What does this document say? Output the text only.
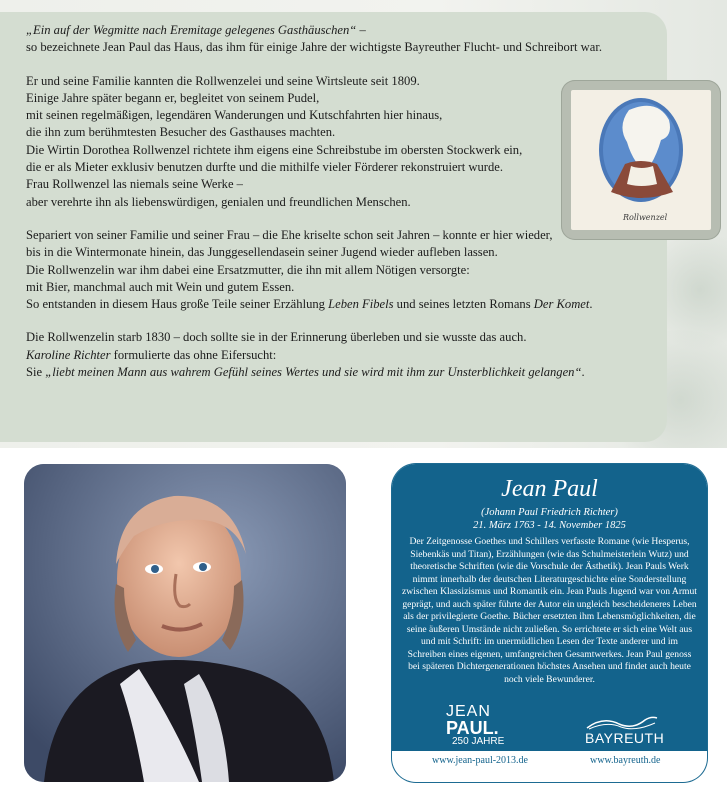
„Ein auf der Wegmitte nach Eremitage gelegenes Gasthäuschen“ –
so bezeichnete Jean Paul das Haus, das ihm für einige Jahre der wichtigste Bayreuther Flucht- und Schreibort war.
Er und seine Familie kannten die Rollwenzelei und seine Wirtsleute seit 1809.
Einige Jahre später begann er, begleitet von seinem Pudel,
mit seinen regelmäßigen, legendären Wanderungen und Kutschfahrten hier hinaus,
die ihn zum berühmtesten Besucher des Gasthauses machten.
Die Wirtin Dorothea Rollwenzel richtete ihm eigens eine Schreibstube im obersten Stockwerk ein,
die er als Mieter exklusiv benutzen durfte und die mithilfe vieler Förderer rekonstruiert wurde.
Frau Rollwenzel las niemals seine Werke –
aber verehrte ihn als liebenswürdigen, genialen und freundlichen Menschen.
Separiert von seiner Familie und seiner Frau – die Ehe kriselte schon seit Jahren – konnte er hier wieder,
bis in die Wintermonate hinein, das Junggesellendasein seiner Jugend wieder aufleben lassen.
Die Rollwenzelin war ihm dabei eine Ersatzmutter, die ihn mit allem Nötigen versorgte:
mit Bier, manchmal auch mit Wein und gutem Essen.
So entstanden in diesem Haus große Teile seiner Erzählung Leben Fibels und seines letzten Romans Der Komet.
Die Rollwenzelin starb 1830 – doch sollte sie in der Erinnerung überleben und sie wusste das auch.
Karoline Richter formulierte das ohne Eifersucht:
Sie „liebt meinen Mann aus wahrem Gefühl seines Wertes und sie wird mit ihm zur Unsterblichkeit gelangen“.
Rollwenzel
Jean Paul
(Johann Paul Friedrich Richter)
21. März 1763 - 14. November 1825
Der Zeitgenosse Goethes und Schillers verfasste Romane (wie Hesperus, Siebenkäs und Titan), Erzählungen (wie das Schulmeisterlein Wutz) und theoretische Schriften (wie die Vorschule der Ästhetik). Jean Pauls Werk nimmt innerhalb der deutschen Literaturgeschichte eine Sonderstellung zwischen Klassizismus und Romantik ein. Jean Pauls Jugend war von Armut geprägt, und auch später führte der Autor ein ungleich bescheideneres Leben als der privilegierte Goethe. Bücher ersetzten ihm Lebensmöglichkeiten, die seine äußeren Umstände nicht zuließen. So errichtete er sich eine Welt aus und mit Schrift: im unermüdlichen Lesen der Texte anderer und im Schreiben eines eigenen, umfangreichen Gesamtwerkes. Jean Paul genoss bei späteren Dichtergenerationen höchstes Ansehen und findet auch heute noch viele Bewunderer.
JEAN
PAUL.
250 JAHRE	BAYREUTH
www.jean-paul-2013.de	www.bayreuth.de
